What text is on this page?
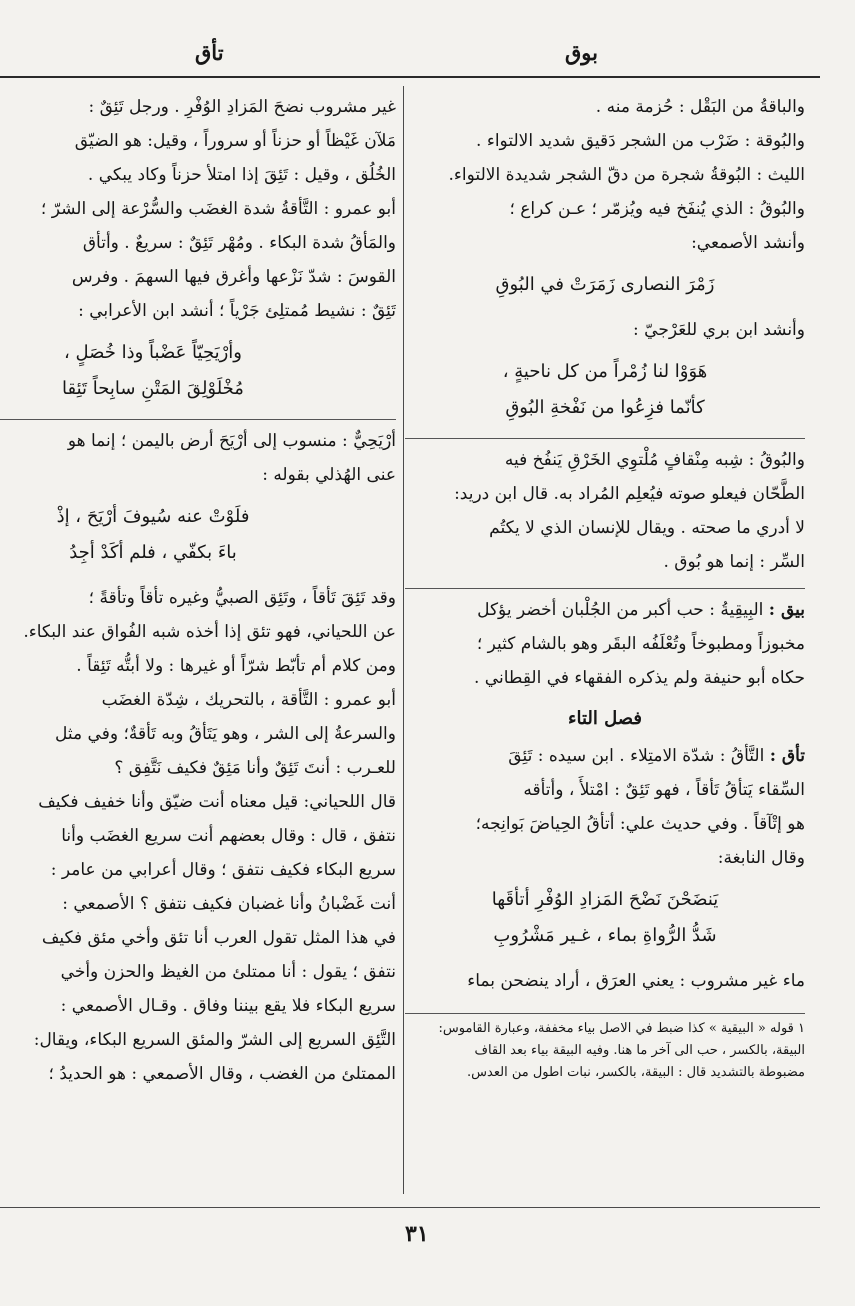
بوق
تأق

والباقةُ من البَقْل : حُزمة منه .

والبُوقة : ضَرْب من الشجر دَقيق شديد الالتواء .

الليث : البُوقةُ شجرة من دقّ الشجر شديدة الالتواء.

والبُوقُ : الذي يُنفَخ فيه ويُزمّر ؛ عـن كراع ؛

وأنشد الأصمعي:

زَمْرَ النصارى زَمَرَتْ في البُوقِ

وأنشد ابن بري للعَرْجيّ :

هَوَوْا لنا زُمْراً من كل ناحيةٍ ،
كأنّما فزِعُوا من نَفْخةِ البُوقِ

والبُوقُ : شِبه مِنْقافٍ مُلْتوِي الخَرْقِ يَنفُخ فيه

الطَّحّان فيعلو صوته فيُعلِم المُراد به. قال ابن دريد:

لا أدري ما صحته . ويقال للإنسان الذي لا يكتُم

السِّر : إنما هو بُوق .

بيق : البِيقِيةُ : حب أكبر من الجُلْبان أخضر يؤكل

مخبوزاً ومطبوخاً وتُعْلَفُه البقَر وهو بالشام كثير ؛

حكاه أبو حنيفة ولم يذكره الفقهاء في القِطاني .

فصل التاء

تأق : التَّأقُ : شدّة الامتِلاء . ابن سيده : تَئِقَ

السِّقاء يَتأقُ تَأقاً ، فهو تَئِقٌ : امْتلأَ ، وأتأقه

هو إتْآقاً . وفي حديث علي: أتأقُ الحِياضَ بَوانِجه؛

وقال النابغة:

يَنضَحْنَ نَضْحَ المَزادِ الوُفْرِ أتأقَها
شَدُّ الرُّواةِ بماء ، غـير مَشْرُوبِ

ماء غير مشروب : يعني العرَق ، أراد ينضحن بماء

١ قوله « البيقية » كذا ضبط في الاصل بياء مخففة، وعبارة القاموس:
البيقة، بالكسر ، حب الى آخر ما هنا. وفيه البيقة بياء بعد القاف
مضبوطة بالتشديد قال : البيقة، بالكسر، نبات اطول من العدس.

غير مشروب نضحَ المَزادِ الوُفْرِ . ورجل تَئِقٌ :

مَلآن غَيْظاً أو حزناً أو سروراً ، وقيل: هو الضيّق

الخُلُق ، وقيل : تَئِقَ إذا امتلأ حزناً وكاد يبكي .

أبو عمرو : التَّأقةُ شدة الغضَب والسُّرْعة إلى الشرّ ؛

والمَأقُ شدة البكاء . ومُهْر تَئِقٌ : سريعٌ . وأتأق

القوسَ : شدّ نَزْعها وأغرق فيها السهمَ . وفرس

تَئِقٌ : نشيط مُمتلِئ جَرْياً ؛ أنشد ابن الأعرابي :

وأرْيَحِيّاً عَضْباً وذا خُصَلٍ ،
مُخْلَوْلِقَ المَتْنِ سابِحاً تَئِقا

أرْيَحِيٌّ : منسوب إلى أرْيَحَ أرض باليمن ؛ إنما هو

عنى الهُذلي بقوله :

فلَوْتْ عنه سُيوفَ أرْيَحَ ، إذْ
باءَ بكفّي ، فلم أكَدْ أجِدُ

وقد تَئِقَ تَأقاً ، وتَئِق الصبيُّ وغيره تأقاً وتأقةً ؛

عن اللحياني، فهو تئق إذا أخذه شبه الفُواق عند البكاء.

ومن كلام أم تأبّط شرّاً أو غيرها : ولا أبتُّه تَئِقاً .

أبو عمرو : التَّأقة ، بالتحريك ، شِدّة الغضَب

والسرعةُ إلى الشر ، وهو يَتَأقُ وبه تَأقةٌ؛ وفي مثل

للعـرب : أنتَ تَئِقٌ وأنا مَئِقٌ فكيف نَتَّفِق ؟

قال اللحياني: قيل معناه أنت ضيّق وأنا خفيف فكيف

نتفق ، قال : وقال بعضهم أنت سريع الغضَب وأنا

سريع البكاء فكيف نتفق ؛ وقال أعرابي من عامر :

أنت غَضْبانُ وأنا غضبان فكيف نتفق ؟ الأصمعي :

في هذا المثل تقول العرب أنا تئق وأخي مئق فكيف

نتفق ؛ يقول : أنا ممتلئ من الغيظ والحزن وأخي

سريع البكاء فلا يقع بيننا وفاق . وقـال الأصمعي :

التَّئِق السريع إلى الشرّ والمئق السريع البكاء، ويقال:

الممتلئ من الغضب ، وقال الأصمعي : هو الحديدُ ؛

٣١
